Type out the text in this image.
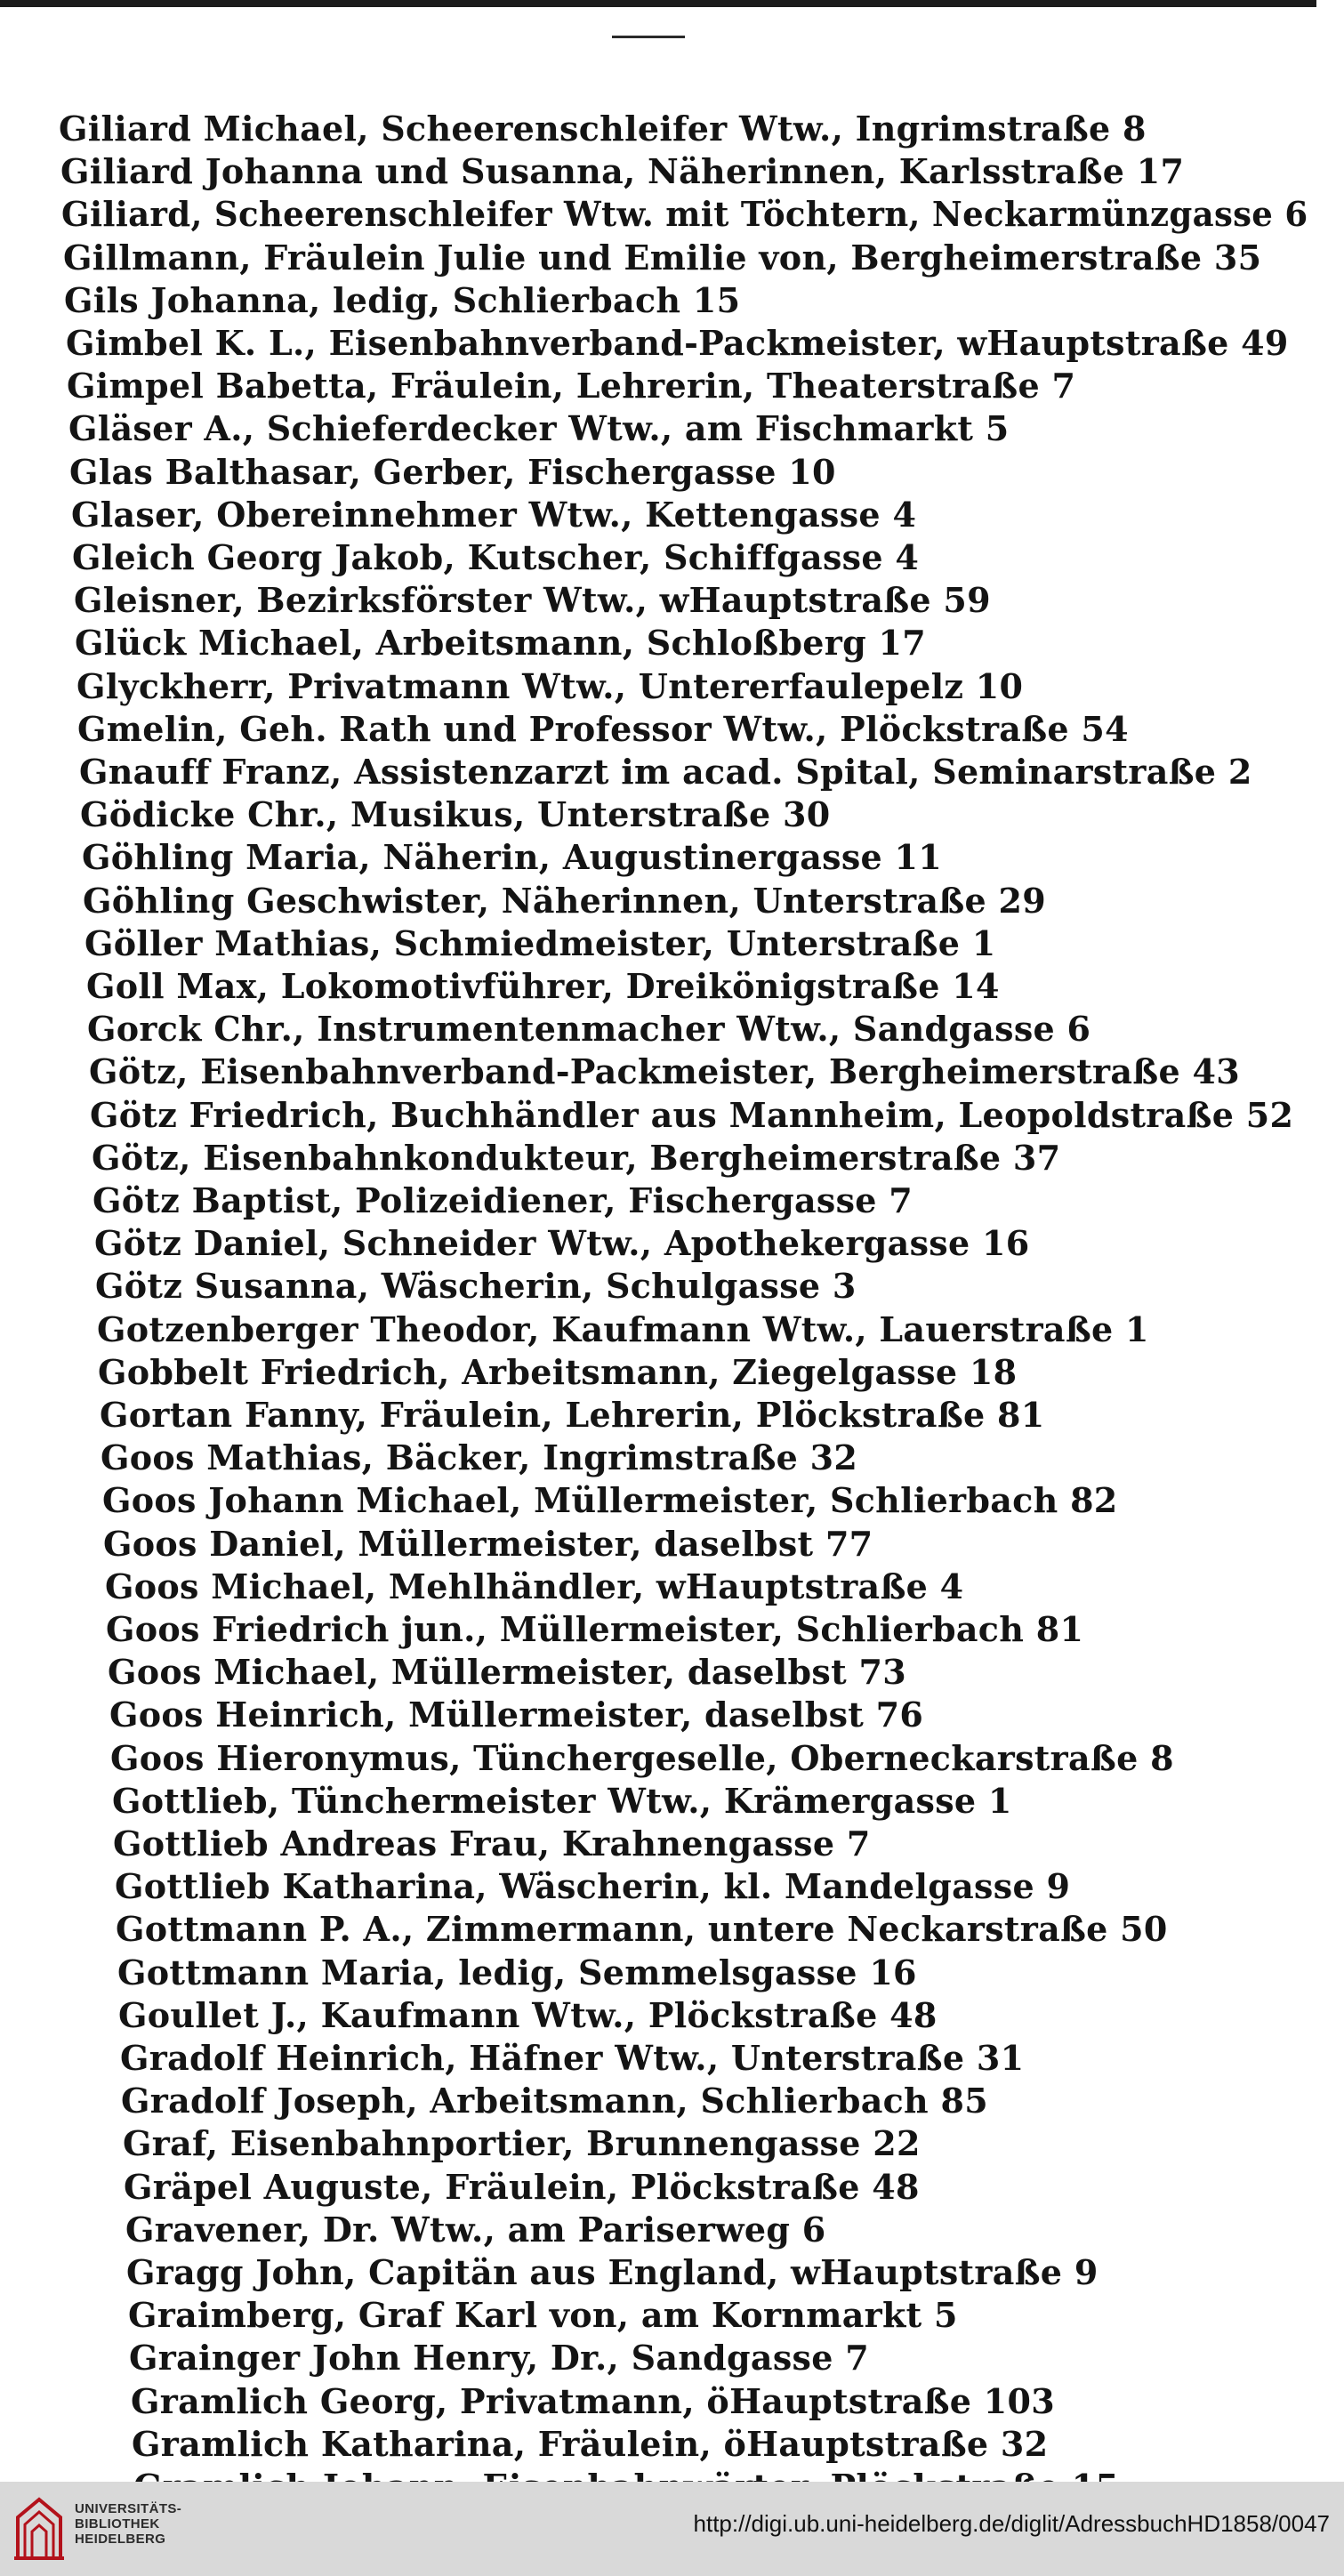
Giliard Michael, Scheerenschleifer Wtw., Ingrimstraße 8
Giliard Johanna und Susanna, Näherinnen, Karlsstraße 17
Giliard, Scheerenschleifer Wtw. mit Töchtern, Neckarmünzgasse 6
Gillmann, Fräulein Julie und Emilie von, Bergheimerstraße 35
Gils Johanna, ledig, Schlierbach 15
Gimbel K. L., Eisenbahnverband-Packmeister, wHauptstraße 49
Gimpel Babetta, Fräulein, Lehrerin, Theaterstraße 7
Gläser A., Schieferdecker Wtw., am Fischmarkt 5
Glas Balthasar, Gerber, Fischergasse 10
Glaser, Obereinnehmer Wtw., Kettengasse 4
Gleich Georg Jakob, Kutscher, Schiffgasse 4
Gleisner, Bezirksförster Wtw., wHauptstraße 59
Glück Michael, Arbeitsmann, Schloßberg 17
Glyckherr, Privatmann Wtw., Untererfaulepelz 10
Gmelin, Geh. Rath und Professor Wtw., Plöckstraße 54
Gnauff Franz, Assistenzarzt im acad. Spital, Seminarstraße 2
Gödicke Chr., Musikus, Unterstraße 30
Göhling Maria, Näherin, Augustinergasse 11
Göhling Geschwister, Näherinnen, Unterstraße 29
Göller Mathias, Schmiedmeister, Unterstraße 1
Goll Max, Lokomotivführer, Dreikönigstraße 14
Gorck Chr., Instrumentenmacher Wtw., Sandgasse 6
Götz, Eisenbahnverband-Packmeister, Bergheimerstraße 43
Götz Friedrich, Buchhändler aus Mannheim, Leopoldstraße 52
Götz, Eisenbahnkondukteur, Bergheimerstraße 37
Götz Baptist, Polizeidiener, Fischergasse 7
Götz Daniel, Schneider Wtw., Apothekergasse 16
Götz Susanna, Wäscherin, Schulgasse 3
Gotzenberger Theodor, Kaufmann Wtw., Lauerstraße 1
Gobbelt Friedrich, Arbeitsmann, Ziegelgasse 18
Gortan Fanny, Fräulein, Lehrerin, Plöckstraße 81
Goos Mathias, Bäcker, Ingrimstraße 32
Goos Johann Michael, Müllermeister, Schlierbach 82
Goos Daniel, Müllermeister, daselbst 77
Goos Michael, Mehlhändler, wHauptstraße 4
Goos Friedrich jun., Müllermeister, Schlierbach 81
Goos Michael, Müllermeister, daselbst 73
Goos Heinrich, Müllermeister, daselbst 76
Goos Hieronymus, Tünchergeselle, Oberneckarstraße 8
Gottlieb, Tünchermeister Wtw., Krämergasse 1
Gottlieb Andreas Frau, Krahnengasse 7
Gottlieb Katharina, Wäscherin, kl. Mandelgasse 9
Gottmann P. A., Zimmermann, untere Neckarstraße 50
Gottmann Maria, ledig, Semmelsgasse 16
Goullet J., Kaufmann Wtw., Plöckstraße 48
Gradolf Heinrich, Häfner Wtw., Unterstraße 31
Gradolf Joseph, Arbeitsmann, Schlierbach 85
Graf, Eisenbahnportier, Brunnengasse 22
Gräpel Auguste, Fräulein, Plöckstraße 48
Gravener, Dr. Wtw., am Pariserweg 6
Gragg John, Capitän aus England, wHauptstraße 9
Graimberg, Graf Karl von, am Kornmarkt 5
Grainger John Henry, Dr., Sandgasse 7
Gramlich Georg, Privatmann, öHauptstraße 103
Gramlich Katharina, Fräulein, öHauptstraße 32
UNIVERSITÄTS-
BIBLIOTHEK
HEIDELBERG
http://digi.ub.uni-heidelberg.de/diglit/AdressbuchHD1858/0047
